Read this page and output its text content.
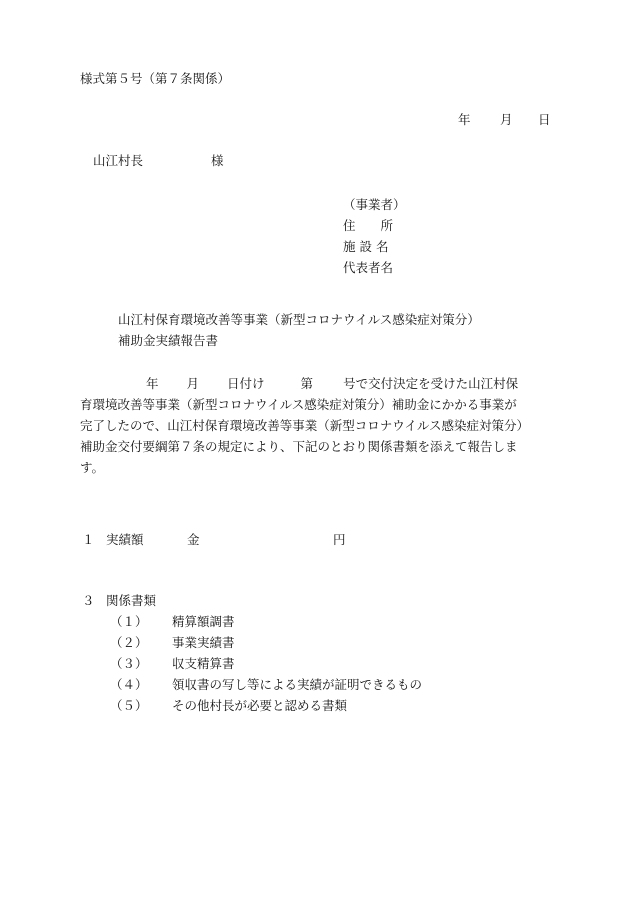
様式第５号（第７条関係）
年 月 日
山江村長	様
（事業者）
住　　所
施 設 名
代表者名
山江村保育環境改善等事業（新型コロナウイルス感染症対策分）
補助金実績報告書
年 月 日付け	第 号で交付決定を受けた山江村保
育環境改善等事業（新型コロナウイルス感染症対策分）補助金にかかる事業が
完了したので、山江村保育環境改善等事業（新型コロナウイルス感染症対策分）
補助金交付要綱第７条の規定により、下記のとおり関係書類を添えて報告しま
す。
１ 実績額	金	円
３ 関係書類
（１） 精算額調書
（２） 事業実績書
（３） 収支精算書
（４） 領収書の写し等による実績が証明できるもの
（５） その他村長が必要と認める書類
